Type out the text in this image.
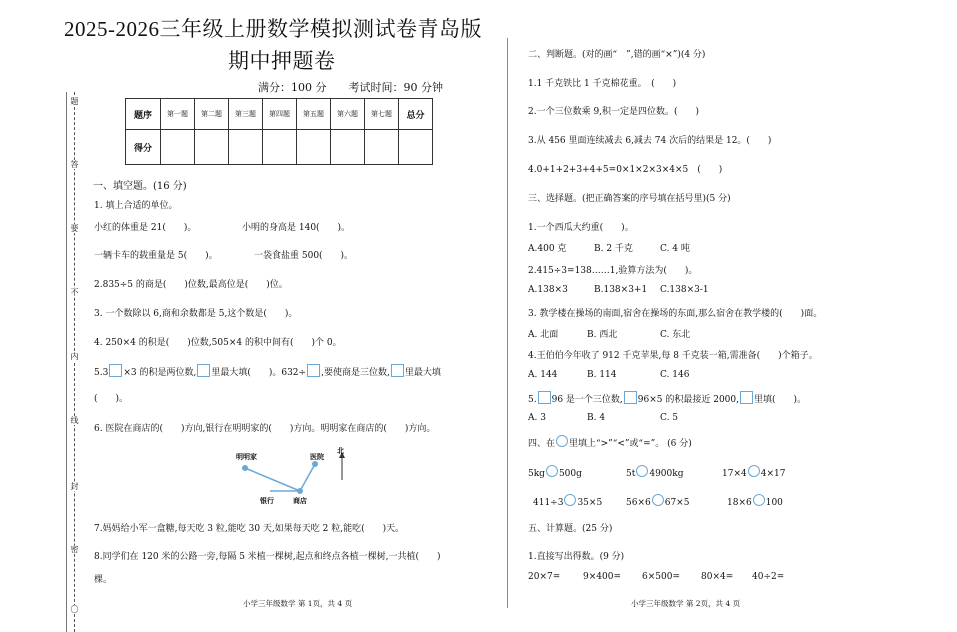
2025-2026三年级上册数学模拟测试卷青岛版
期中押题卷
满分：100 分　　考试时间：90 分钟
题
答
要
不
内
线
封
密
〇
题序	第一题	第二题	第三题	第四题	第五题	第六题	第七题	总分
得分								
一、填空题。(16 分)
1. 填上合适的单位。
小红的体重是 21(　　)。	小明的身高是 140(　　)。
一辆卡车的载重量是 5(　　)。	一袋食盐重 500(　　)。
2.835÷5 的商是(　　)位数,最高位是(　　)位。
3. 一个数除以 6,商和余数都是 5,这个数是(　　)。
4. 250×4 的积是(　　)位数,505×4 的积中间有(　　)个 0。
5.3 ×3 的积是两位数, 里最大填(　　)。632÷ ,要使商是三位数, 里最大填
(　　)。
6. 医院在商店的(　　)方向,银行在明明家的(　　)方向。明明家在商店的(　　)方向。
明明家	医院
北
银行	商店
7.妈妈给小军一盒糖,每天吃 3 粒,能吃 30 天,如果每天吃 2 粒,能吃(　　)天。
8.同学们在 120 米的公路一旁,每隔 5 米植一棵树,起点和终点各植一棵树,一共植(　　)
棵。
小学三年级数学 第 1页，共 4 页
二、判断题。(对的画“　”,错的画“×”)(4 分)
1.1 千克铁比 1 千克棉花重。　(　　)
2.一个三位数乘 9,积一定是四位数。(　　)
3.从 456 里面连续减去 6,减去 74 次后的结果是 12。(　　)
4.0+1+2+3+4+5=0×1×2×3×4×5　(　　)
三、选择题。(把正确答案的序号填在括号里)(5 分)
1.一个西瓜大约重(　　)。
A.400 克	B. 2 千克	C. 4 吨
2.415÷3=138……1,验算方法为(　　)。
A.138×3	B.138×3+1 C.138×3-1
3. 教学楼在操场的南面,宿舍在操场的东面,那么宿舍在教学楼的(　　)面。
A. 北面	B. 西北	C. 东北
4.王伯伯今年收了 912 千克苹果,每 8 千克装一箱,需准备(　　)个箱子。
A. 144	B. 114	C. 146
5. 96 是一个三位数, 96×5 的积最接近 2000, 里填(　　)。
A. 3	B. 4	C. 5
四、在 里填上“>”“<”或“=”。 (6 分)
5kg 500g	5t 4900kg	17×4 4×17
411÷3 35×5	56×6 67×5	18×6 100
五、计算题。(25 分)
1.直接写出得数。(9 分)
20×7=	9×400= 6×500= 80×4= 40÷2=
小学三年级数学 第 2页，共 4 页
